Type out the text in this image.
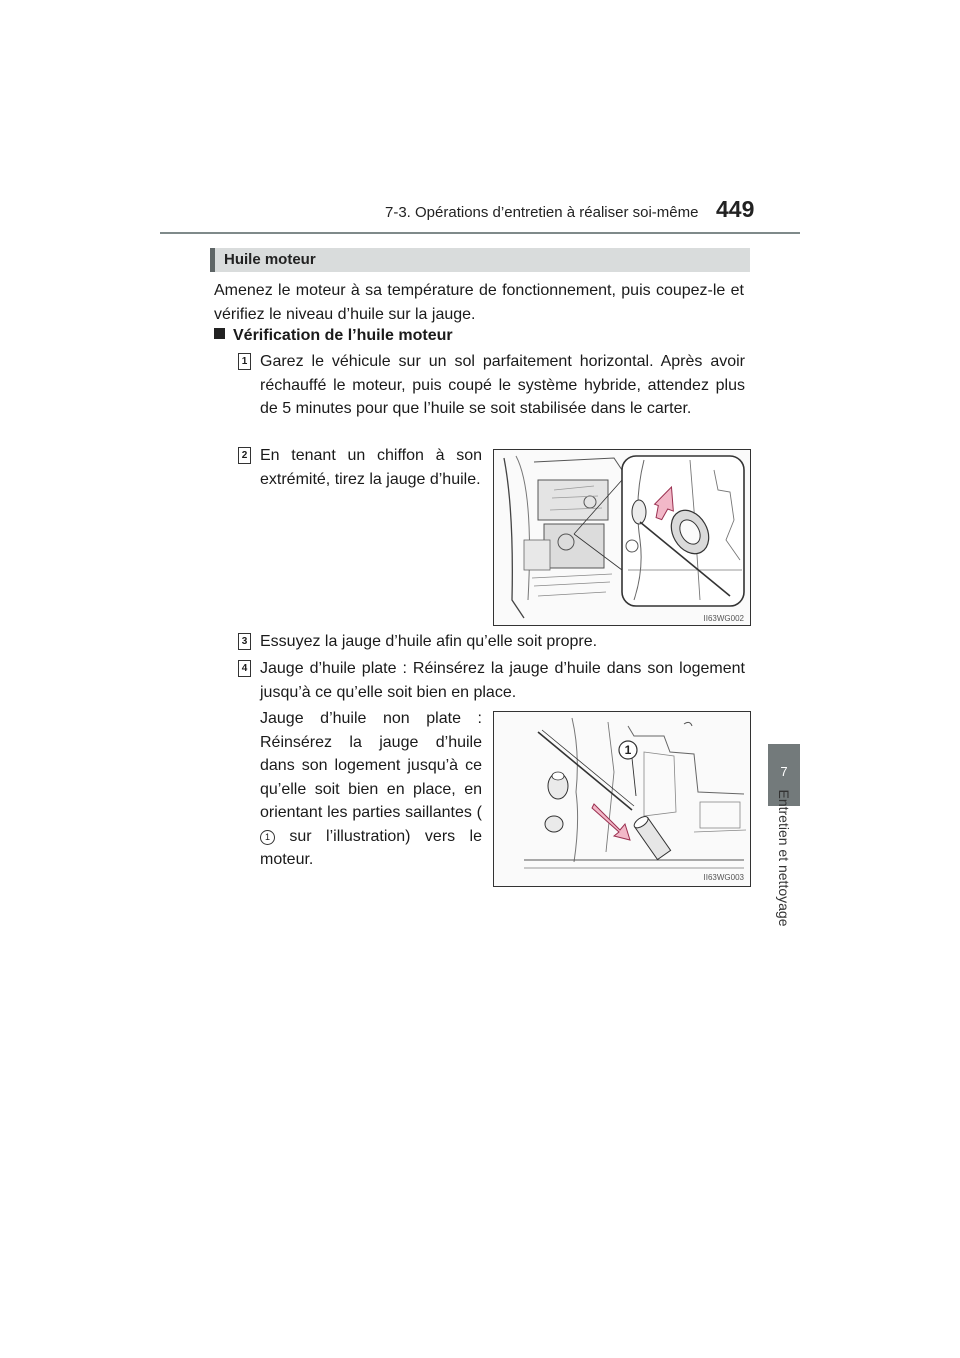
7-3. Opérations d’entretien à réaliser soi-même 449
7
Entretien et nettoyage
Huile moteur
Amenez le moteur à sa température de fonctionnement, puis coupez-le et vérifiez le niveau d’huile sur la jauge.
Vérification de l’huile moteur
1 Garez le véhicule sur un sol parfaitement horizontal. Après avoir réchauffé le moteur, puis coupé le système hybride, attendez plus de 5 minutes pour que l’huile se soit stabilisée dans le carter.
2 En tenant un chiffon à son extrémité, tirez la jauge d’huile.
II63WG002
3 Essuyez la jauge d’huile afin qu’elle soit propre.
4 Jauge d’huile plate : Réinsérez la jauge d’huile dans son logement jusqu’à ce qu’elle soit bien en place.
Jauge d’huile non plate : Réinsérez la jauge d’huile dans son logement jusqu’à ce qu’elle soit bien en place, en orientant les parties saillantes (1 sur l’illustration) vers le moteur.
1
II63WG003
